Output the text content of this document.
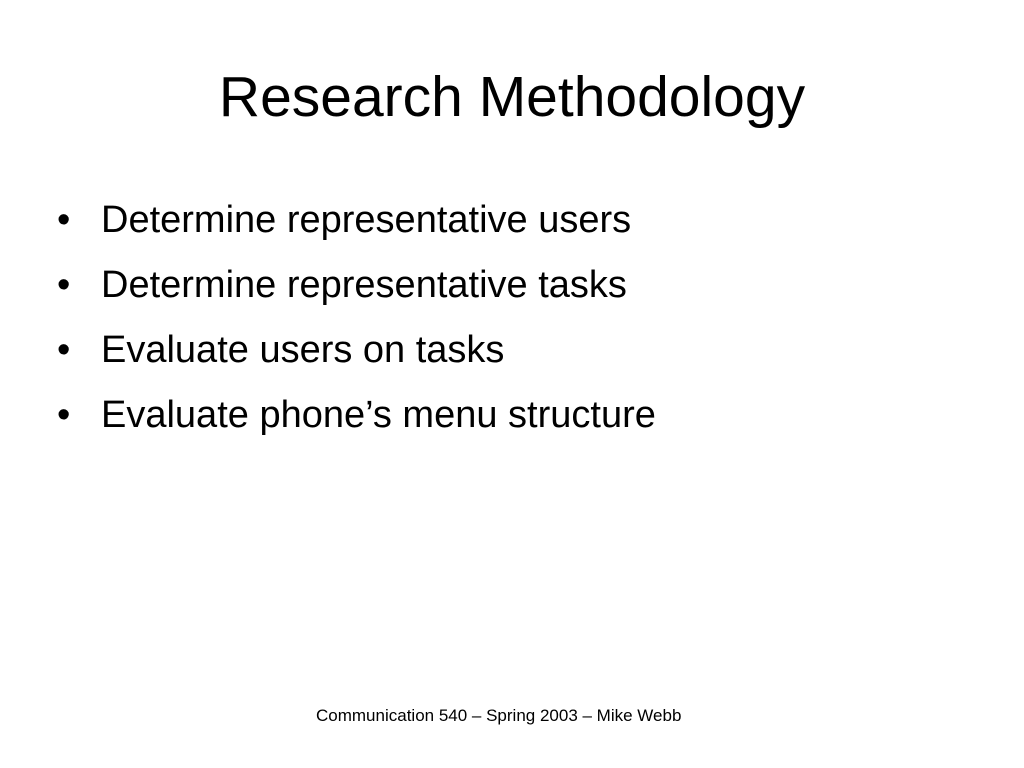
Research Methodology
• Determine representative users
• Determine representative tasks
• Evaluate users on tasks
• Evaluate phone’s menu structure
Communication 540 – Spring 2003 – Mike Webb
